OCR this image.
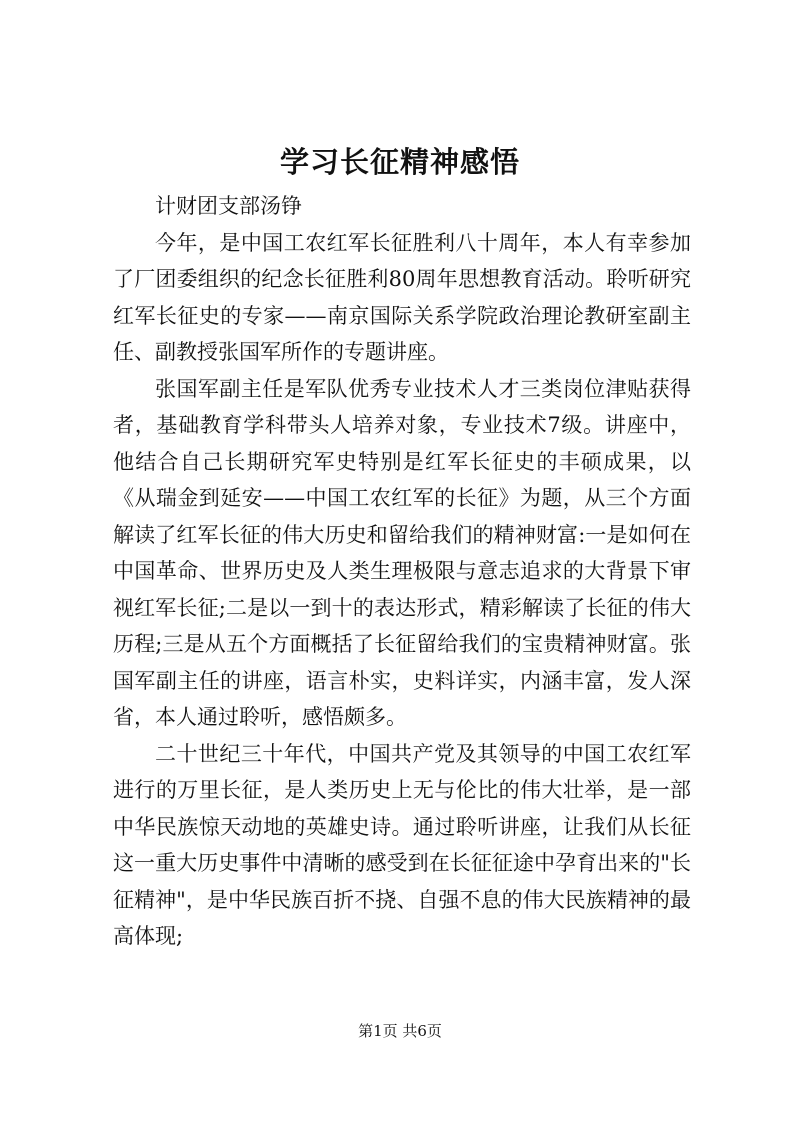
学习长征精神感悟

计财团支部汤铮

今年，是中国工农红军长征胜利八十周年，本人有幸参加了厂团委组织的纪念长征胜利80周年思想教育活动。聆听研究红军长征史的专家——南京国际关系学院政治理论教研室副主任、副教授张国军所作的专题讲座。

张国军副主任是军队优秀专业技术人才三类岗位津贴获得者，基础教育学科带头人培养对象，专业技术7级。讲座中，他结合自己长期研究军史特别是红军长征史的丰硕成果，以《从瑞金到延安——中国工农红军的长征》为题，从三个方面解读了红军长征的伟大历史和留给我们的精神财富:一是如何在中国革命、世界历史及人类生理极限与意志追求的大背景下审视红军长征;二是以一到十的表达形式，精彩解读了长征的伟大历程;三是从五个方面概括了长征留给我们的宝贵精神财富。张国军副主任的讲座，语言朴实，史料详实，内涵丰富，发人深省，本人通过聆听，感悟颇多。

二十世纪三十年代，中国共产党及其领导的中国工农红军进行的万里长征，是人类历史上无与伦比的伟大壮举，是一部中华民族惊天动地的英雄史诗。通过聆听讲座，让我们从长征这一重大历史事件中清晰的感受到在长征征途中孕育出来的"长征精神"，是中华民族百折不挠、自强不息的伟大民族精神的最高体现;

第1页 共6页
